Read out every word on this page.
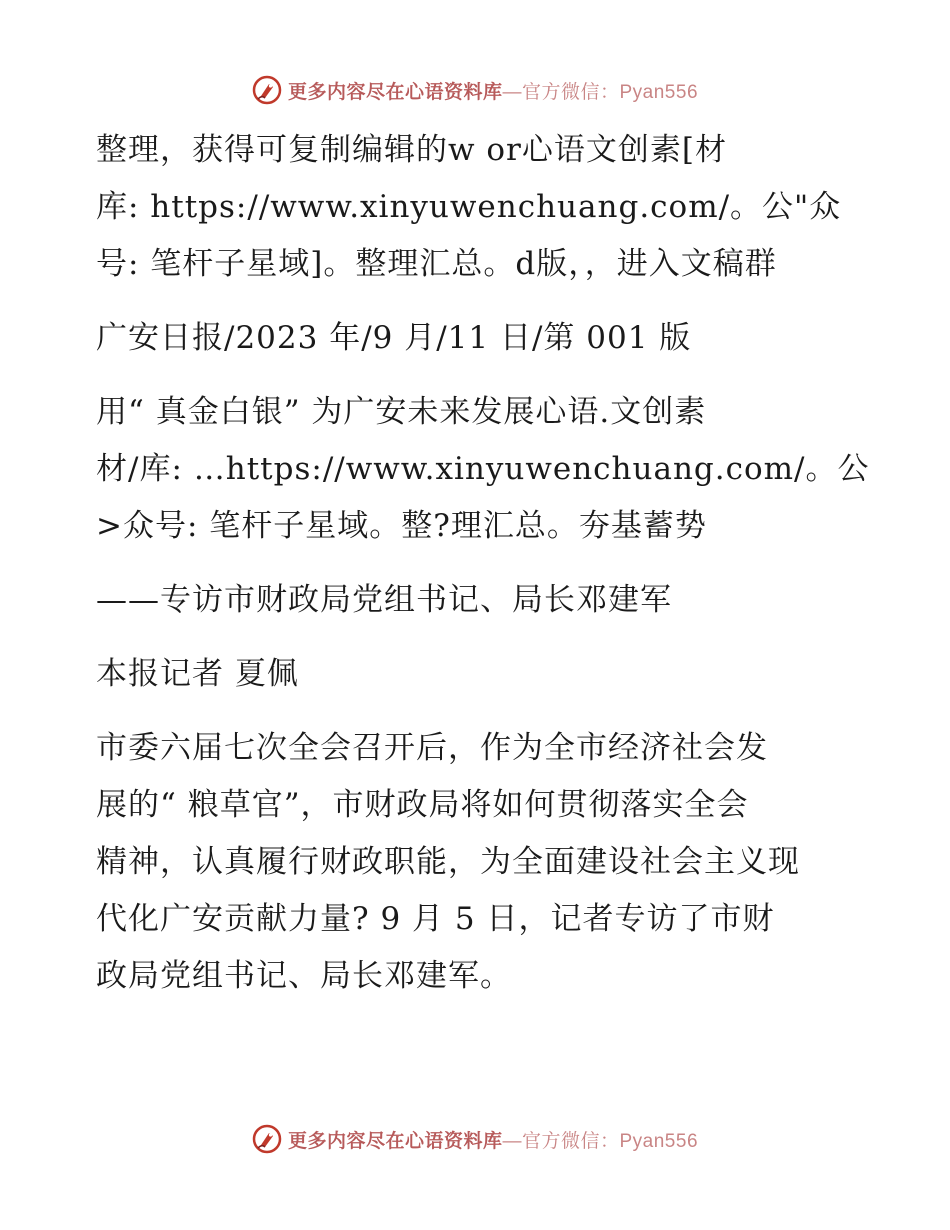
更多内容尽在心语资料库—官方微信：Pyan556
整理，获得可复制编辑的w or心语文创素[材
库: https://www.xinyuwenchuang.com/。公"众
号: 笔杆子星域]。整理汇总。d版，，进入文稿群
广安日报/2023 年/9 月/11 日/第 001 版
用“ 真金白银” 为广安未来发展心语.文创素
材/库: …https://www.xinyuwenchuang.com/。公
>众号: 笔杆子星域。整?理汇总。夯基蓄势
——专访市财政局党组书记、局长邓建军
本报记者 夏佩
市委六届七次全会召开后，作为全市经济社会发
展的“ 粮草官”，市财政局将如何贯彻落实全会
精神，认真履行财政职能，为全面建设社会主义现
代化广安贡献力量? 9 月 5 日，记者专访了市财
政局党组书记、局长邓建军。
更多内容尽在心语资料库—官方微信：Pyan556
